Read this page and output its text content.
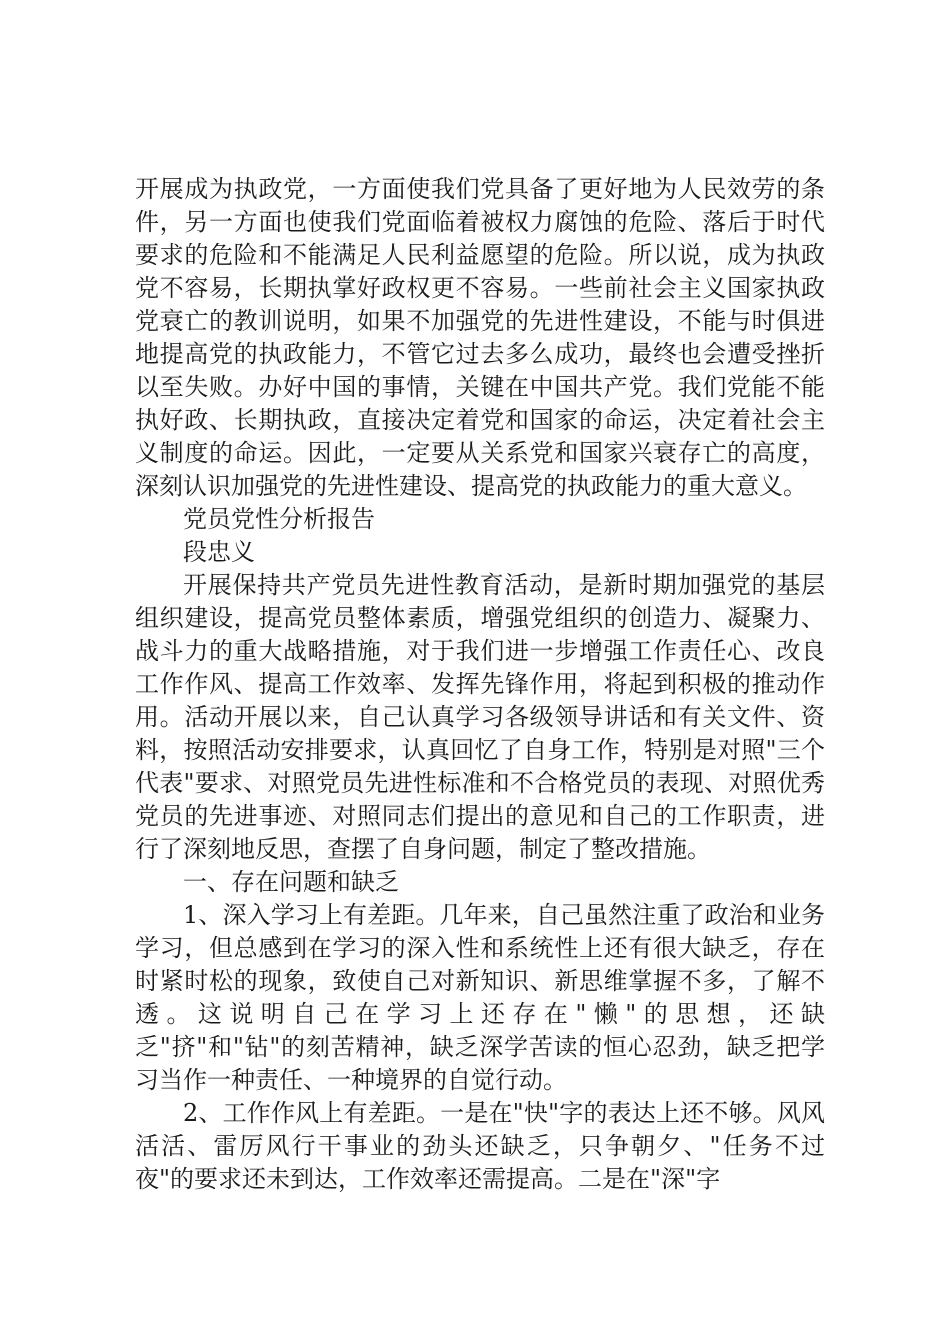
开展成为执政党，一方面使我们党具备了更好地为人民效劳的条件，另一方面也使我们党面临着被权力腐蚀的危险、落后于时代要求的危险和不能满足人民利益愿望的危险。所以说，成为执政党不容易，长期执掌好政权更不容易。一些前社会主义国家执政党衰亡的教训说明，如果不加强党的先进性建设，不能与时俱进地提高党的执政能力，不管它过去多么成功，最终也会遭受挫折以至失败。办好中国的事情，关键在中国共产党。我们党能不能执好政、长期执政，直接决定着党和国家的命运，决定着社会主义制度的命运。因此，一定要从关系党和国家兴衰存亡的高度，深刻认识加强党的先进性建设、提高党的执政能力的重大意义。

党员党性分析报告

段忠义

开展保持共产党员先进性教育活动，是新时期加强党的基层组织建设，提高党员整体素质，增强党组织的创造力、凝聚力、战斗力的重大战略措施，对于我们进一步增强工作责任心、改良工作作风、提高工作效率、发挥先锋作用，将起到积极的推动作用。活动开展以来，自己认真学习各级领导讲话和有关文件、资料，按照活动安排要求，认真回忆了自身工作，特别是对照"三个代表"要求、对照党员先进性标准和不合格党员的表现、对照优秀党员的先进事迹、对照同志们提出的意见和自己的工作职责，进行了深刻地反思，查摆了自身问题，制定了整改措施。

一、存在问题和缺乏

1、深入学习上有差距。几年来，自己虽然注重了政治和业务学习，但总感到在学习的深入性和系统性上还有很大缺乏，存在时紧时松的现象，致使自己对新知识、新思维掌握不多，了解不透。这说明自己在学习上还存在"懒"的思想，还缺乏"挤"和"钻"的刻苦精神，缺乏深学苦读的恒心忍劲，缺乏把学习当作一种责任、一种境界的自觉行动。

2、工作作风上有差距。一是在"快"字的表达上还不够。风风活活、雷厉风行干事业的劲头还缺乏，只争朝夕、"任务不过夜"的要求还未到达，工作效率还需提高。二是在"深"字
